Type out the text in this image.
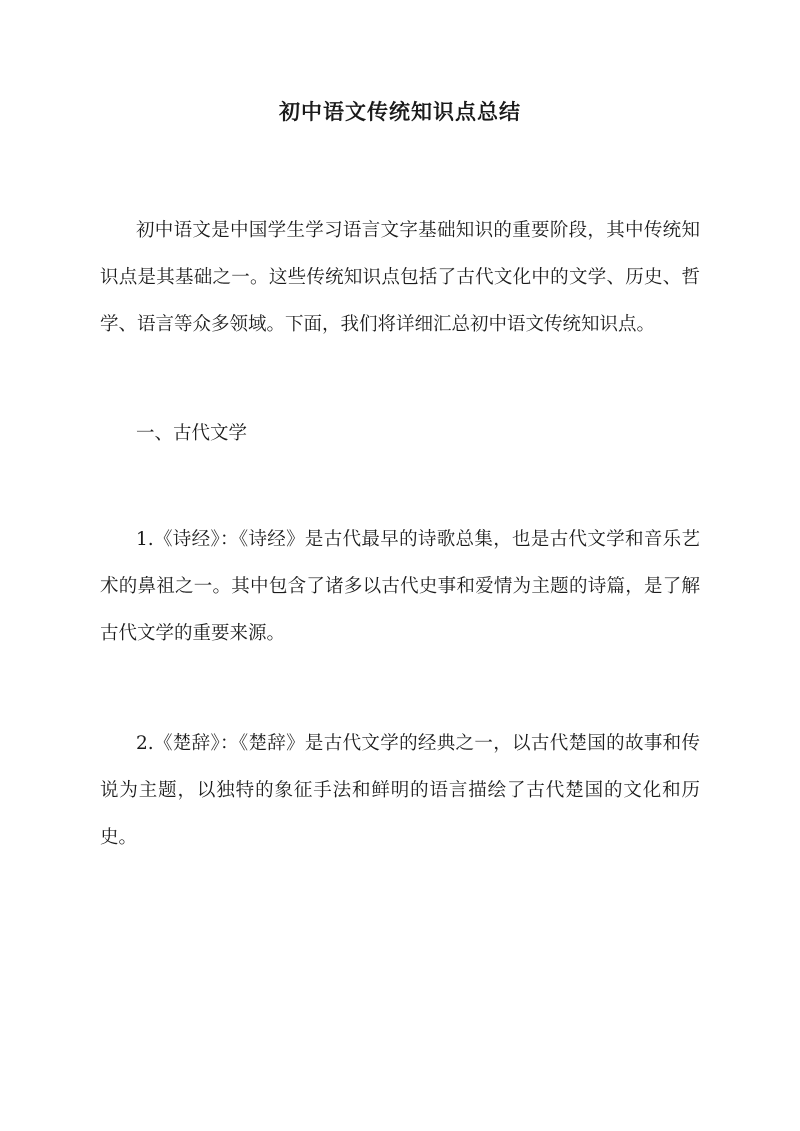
初中语文传统知识点总结

初中语文是中国学生学习语言文字基础知识的重要阶段，其中传统知识点是其基础之一。这些传统知识点包括了古代文化中的文学、历史、哲学、语言等众多领域。下面，我们将详细汇总初中语文传统知识点。

一、古代文学

1.《诗经》：《诗经》是古代最早的诗歌总集，也是古代文学和音乐艺术的鼻祖之一。其中包含了诸多以古代史事和爱情为主题的诗篇，是了解古代文学的重要来源。

2.《楚辞》：《楚辞》是古代文学的经典之一，以古代楚国的故事和传说为主题，以独特的象征手法和鲜明的语言描绘了古代楚国的文化和历史。
